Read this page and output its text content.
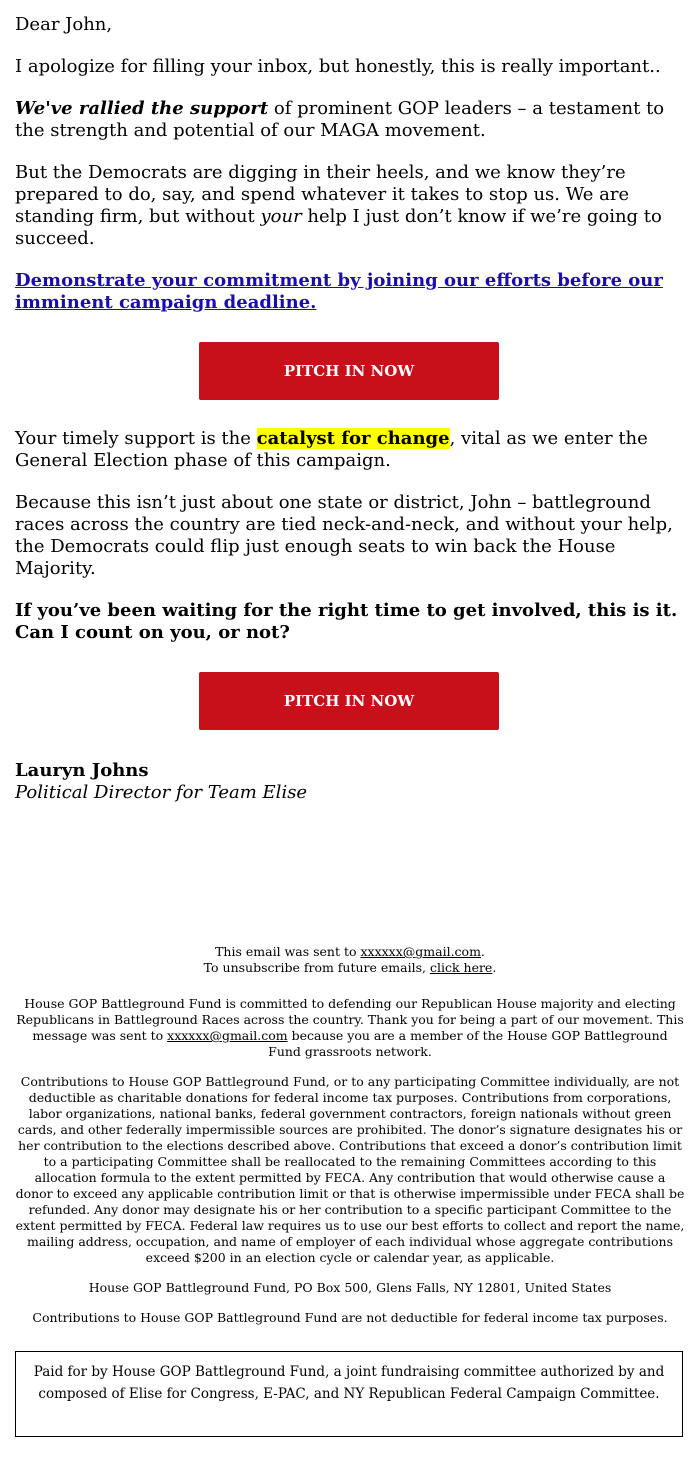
Dear John,

I apologize for filling your inbox, but honestly, this is really important..

We've rallied the support of prominent GOP leaders – a testament to the strength and potential of our MAGA movement.

But the Democrats are digging in their heels, and we know they’re prepared to do, say, and spend whatever it takes to stop us. We are standing firm, but without your help I just don’t know if we’re going to succeed.

Demonstrate your commitment by joining our efforts before our imminent campaign deadline.
PITCH IN NOW

Your timely support is the catalyst for change, vital as we enter the General Election phase of this campaign.

Because this isn’t just about one state or district, John – battleground races across the country are tied neck-and-neck, and without your help, the Democrats could flip just enough seats to win back the House Majority.

If you’ve been waiting for the right time to get involved, this is it. Can I count on you, or not?

PITCH IN NOW
Lauryn Johns
Political Director for Team Elise

This email was sent to xxxxxx@gmail.com.
To unsubscribe from future emails, click here.

House GOP Battleground Fund is committed to defending our Republican House majority and electing Republicans in Battleground Races across the country. Thank you for being a part of our movement. This message was sent to xxxxxx@gmail.com because you are a member of the House GOP Battleground Fund grassroots network.

Contributions to House GOP Battleground Fund, or to any participating Committee individually, are not deductible as charitable donations for federal income tax purposes. Contributions from corporations, labor organizations, national banks, federal government contractors, foreign nationals without green cards, and other federally impermissible sources are prohibited. The donor’s signature designates his or her contribution to the elections described above. Contributions that exceed a donor’s contribution limit to a participating Committee shall be reallocated to the remaining Committees according to this allocation formula to the extent permitted by FECA. Any contribution that would otherwise cause a donor to exceed any applicable contribution limit or that is otherwise impermissible under FECA shall be refunded. Any donor may designate his or her contribution to a specific participant Committee to the extent permitted by FECA. Federal law requires us to use our best efforts to collect and report the name, mailing address, occupation, and name of employer of each individual whose aggregate contributions exceed $200 in an election cycle or calendar year, as applicable.

House GOP Battleground Fund, PO Box 500, Glens Falls, NY 12801, United States

Contributions to House GOP Battleground Fund are not deductible for federal income tax purposes.

Paid for by House GOP Battleground Fund, a joint fundraising committee authorized by and composed of Elise for Congress, E-PAC, and NY Republican Federal Campaign Committee.
